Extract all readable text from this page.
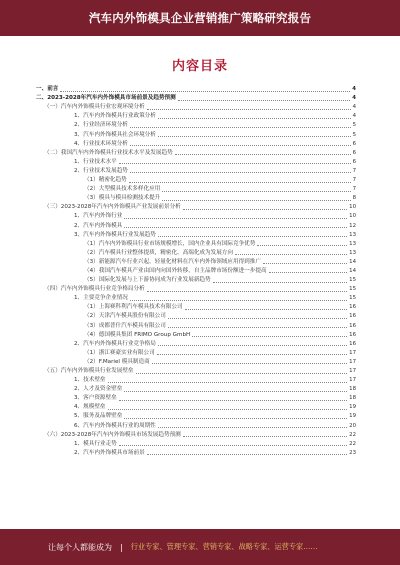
汽车内外饰模具企业营销推广策略研究报告
内容目录
一、前言	4
二、2023-2028年汽车内外饰模具市场前景及趋势预测	4
（一）汽车内外饰模具行业宏观环境分析	4
1、汽车内外饰模具行业政策分析	4
2、行业经济环境分析	5
3、汽车内外饰模具社会环境分析	5
4、行业技术环境分析	6
（二）我国汽车内外饰模具行业技术水平及发展趋势	6
1、行业技术水平	6
2、行业技术发展趋势	7
（1）精密化趋势	7
（2）大型模具技术多样化应用	7
（3）模具与模具检测技术提升	8
（三）2023-2028年汽车内外饰模具产业发展前景分析	10
1、汽车内外饰行业	10
2、汽车内外饰模具	12
3、汽车内外饰模具行业发展趋势	13
（1）汽车内外饰模具行业市场规模增长，国内企业具有国际竞争优势	13
（2）汽车模具行业整体提质，精密化、高端化成为发展方向	13
（3）新能源汽车行业兴起，轻量化材料在汽车内外饰领域应用得到推广	14
（4）我国汽车模具产业由国内向国外转移，自主品牌市场份额进一步提高	14
（5）国际化发展与上下游协同成为行业发展新趋势	15
（四）汽车内外饰模具行业竞争格局分析	15
1、主要竞争企业情况	15
（1）上海赛科利汽车模具技术有限公司	16
（2）天津汽车模具股份有限公司	16
（3）成都普什汽车模具有限公司	16
（4）德国模具集团 FRIMO Group GmbH	16
2、汽车内外饰模具行业竞争格局	16
（1）浙江赛豪实业有限公司	17
（2）F.Mariel 模具制造商	17
（五）汽车内外饰模具行业发展壁垒	17
1、技术壁垒	17
2、人才及资金壁垒	18
3、客户资源壁垒	18
4、规模壁垒	19
5、服务及品牌壁垒	19
6、汽车内外饰模具行业的周期性	20
（六）2023-2028年汽车内外饰模具市场发展趋势预测	22
1、模具行业走势	22
2、汽车内外饰模具市场前景	23
让每个人都能成为 | 行业专家、管理专家、营销专家、战略专家、运营专家……
